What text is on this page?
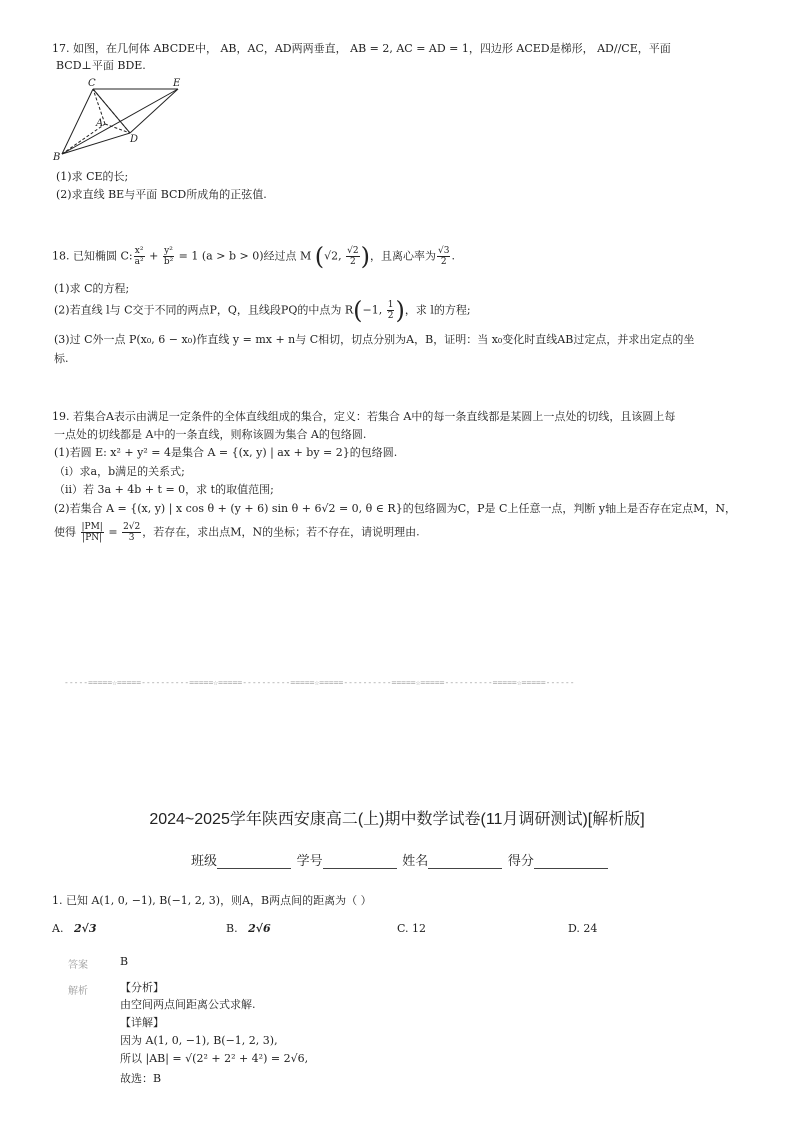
17. 如图，在几何体 ABCDE中， AB，AC，AD两两垂直， AB = 2, AC = AD = 1，四边形 ACED是梯形， AD//CE，平面
BCD⊥平面 BDE.
C	E
A
D
B
(1)求 CE的长;
(2)求直线 BE与平面 BCD所成角的正弦值.
18. 已知椭圆 C: $\frac{\text{x²}}{\text{a²}} + \frac{\text{y²}}{\text{b²}} = 1$ (a > b > 0)经过点 M (√2, $\frac{√2}{2}$ )，且离心率为 $\frac{√3}{2}$ .
(1)求 C的方程;
(2)若直线 l与 C交于不同的两点P，Q，且线段PQ的中点为 R(−1, $\frac{1}{2}$ )，求 l的方程;
(3)过 C外一点 P(x₀, 6 − x₀)作直线 y = mx + n与 C相切，切点分别为A，B，证明：当 x₀变化时直线AB过定点，并求出定点的坐
标.
19. 若集合A表示由满足一定条件的全体直线组成的集合，定义：若集合 A中的每一条直线都是某圆上一点处的切线，且该圆上每
一点处的切线都是 A中的一条直线，则称该圆为集合 A的包络圆.
(1)若圆 E: x² + y² = 4是集合 A = {(x, y) | ax + by = 2}的包络圆.
（i）求a，b满足的关系式;
（ii）若 3a + 4b + t = 0，求 t的取值范围;
(2)若集合 A = {(x, y) | x cos θ + (y + 6) sin θ + 6√2 = 0, θ ∈ R}的包络圆为C，P是 C上任意一点，判断 y轴上是否存在定点M，N，
使得 $\frac{|PM|}{|PN|} = \frac{2√2}{3}$ ，若存在，求出点M，N的坐标；若不存在，请说明理由.
-----=====☆=====----------=====☆=====----------=====☆=====----------=====☆=====----------=====☆=====------
2024~2025学年陕西安康高二(上)期中数学试卷(11月调研测试)[解析版]
班级	学号	姓名	得分
1. 已知 A(1, 0, −1), B(−1, 2, 3)，则A，B两点间的距离为（ ）
A. 2√3	B. 2√6	C. 12	D. 24
答案	B
解析	【分析】
由空间两点间距离公式求解.
【详解】
因为 A(1, 0, −1), B(−1, 2, 3),
所以 |AB| = √(2² + 2² + 4²) = 2√6,
故选：B
